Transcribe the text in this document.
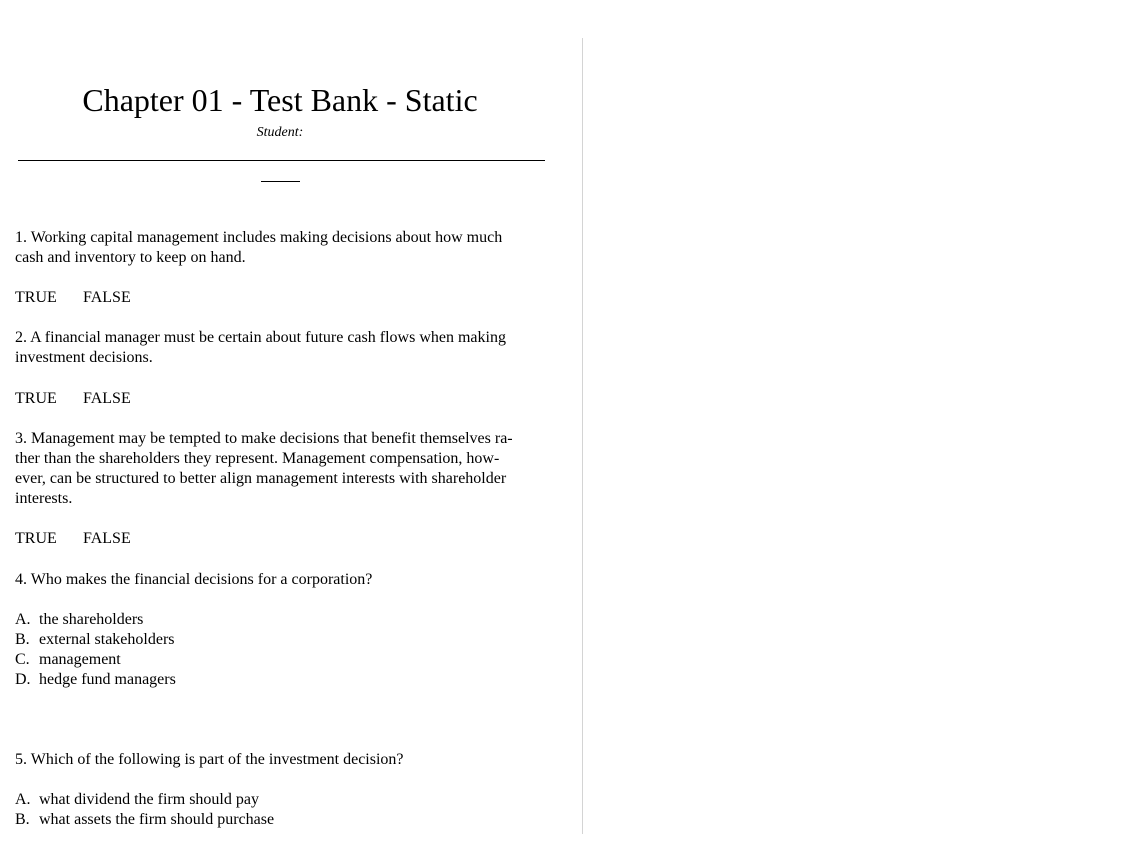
Chapter 01 - Test Bank - Static
Student:
1. Working capital management includes making decisions about how much
cash and inventory to keep on hand.
TRUE	FALSE
2. A financial manager must be certain about future cash flows when making
investment decisions.
TRUE	FALSE
3. Management may be tempted to make decisions that benefit themselves ra-
ther than the shareholders they represent. Management compensation, how-
ever, can be structured to better align management interests with shareholder
interests.
TRUE	FALSE
4. Who makes the financial decisions for a corporation?
A. the shareholders
B. external stakeholders
C. management
D. hedge fund managers
5. Which of the following is part of the investment decision?
A. what dividend the firm should pay
B. what assets the firm should purchase
